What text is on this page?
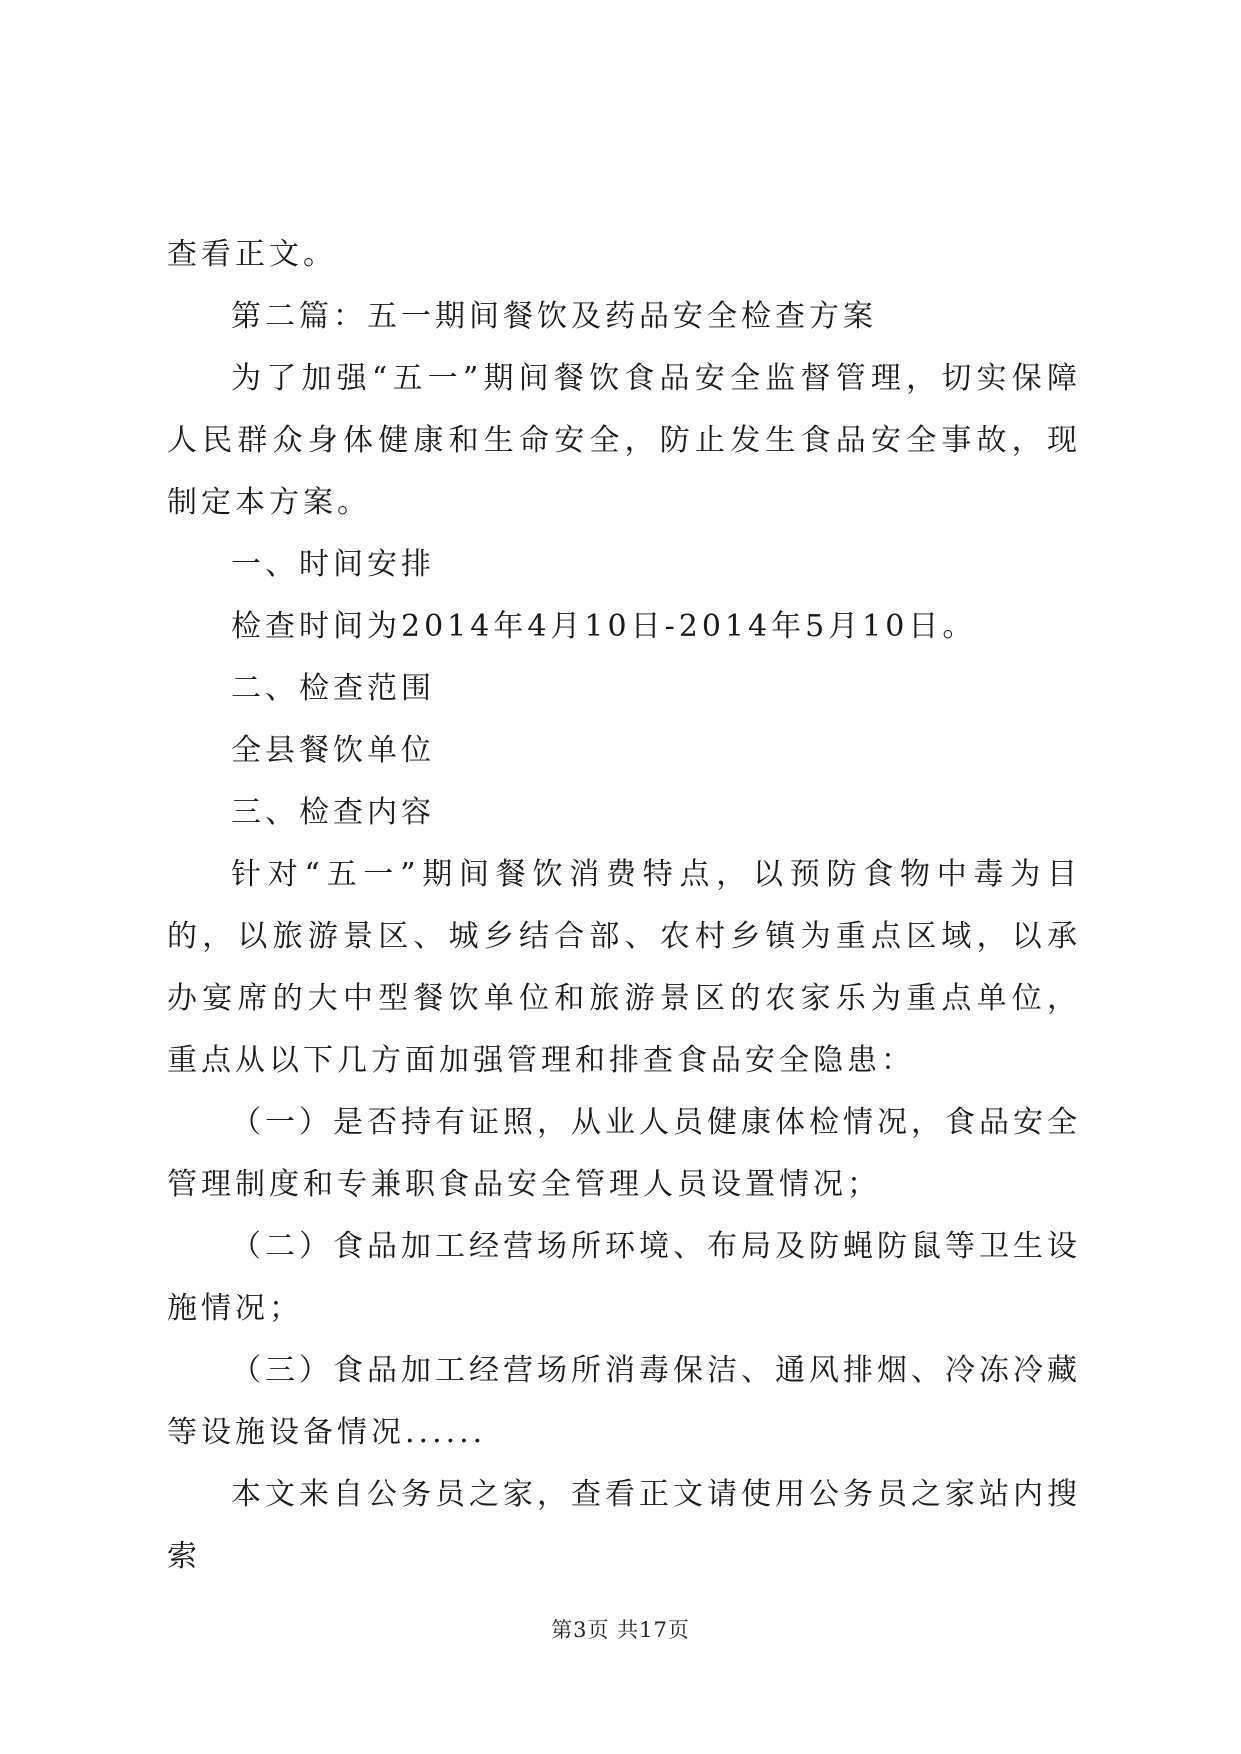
查看正文。

第二篇：五一期间餐饮及药品安全检查方案

为了加强“五一”期间餐饮食品安全监督管理，切实保障人民群众身体健康和生命安全，防止发生食品安全事故，现制定本方案。

一、时间安排

检查时间为2014年4月10日-2014年5月10日。

二、检查范围

全县餐饮单位

三、检查内容

针对“五一”期间餐饮消费特点，以预防食物中毒为目的，以旅游景区、城乡结合部、农村乡镇为重点区域，以承办宴席的大中型餐饮单位和旅游景区的农家乐为重点单位，重点从以下几方面加强管理和排查食品安全隐患：

（一）是否持有证照，从业人员健康体检情况，食品安全管理制度和专兼职食品安全管理人员设置情况；

（二）食品加工经营场所环境、布局及防蝇防鼠等卫生设施情况；

（三）食品加工经营场所消毒保洁、通风排烟、冷冻冷藏等设施设备情况......

本文来自公务员之家，查看正文请使用公务员之家站内搜索

第3页 共17页
